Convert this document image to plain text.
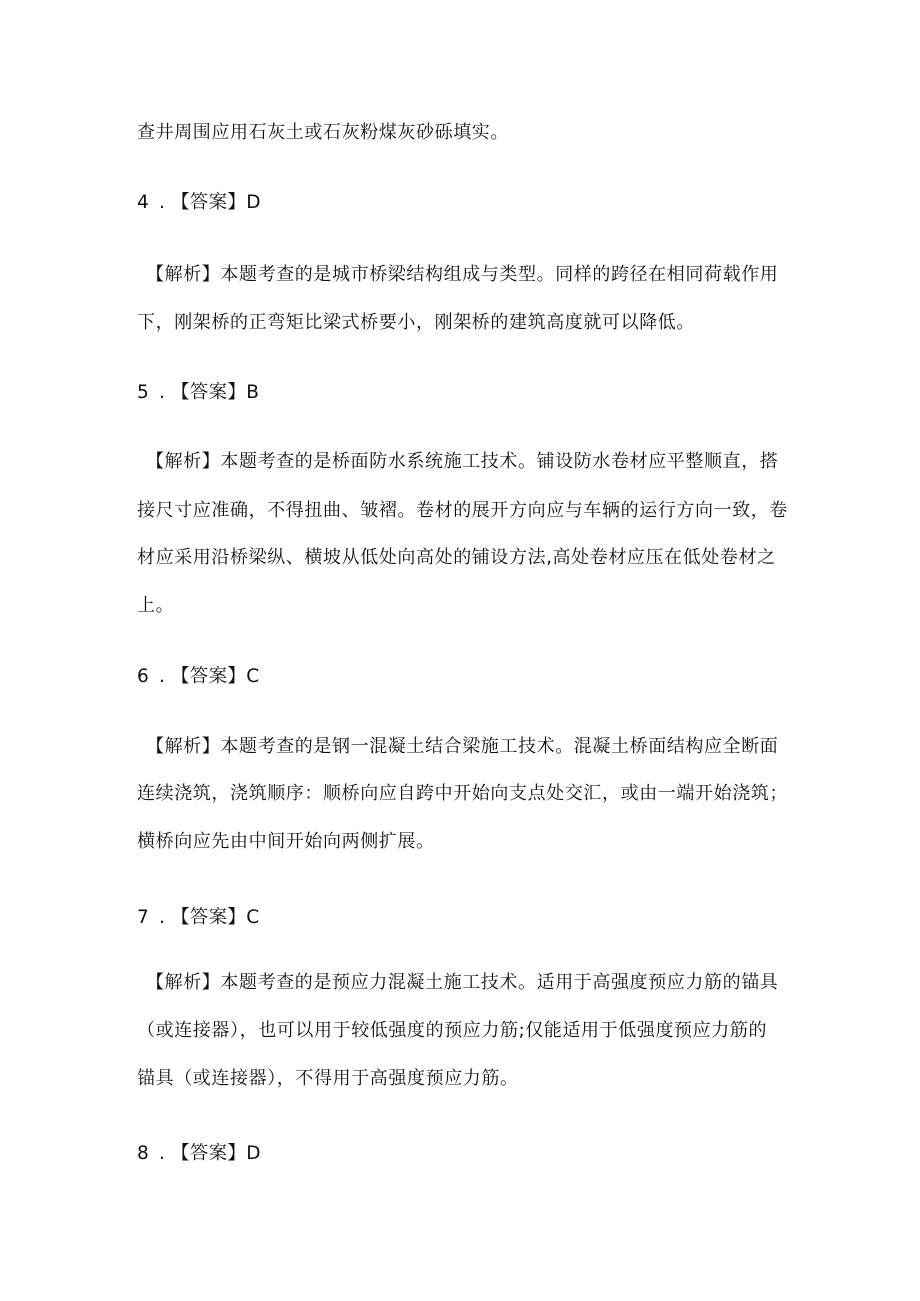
查井周围应用石灰土或石灰粉煤灰砂砾填实。
4 . 【答案】D
【解析】本题考查的是城市桥梁结构组成与类型。同样的跨径在相同荷载作用
下，刚架桥的正弯矩比梁式桥要小，刚架桥的建筑高度就可以降低。
5 . 【答案】B
【解析】本题考查的是桥面防水系统施工技术。铺设防水卷材应平整顺直，搭
接尺寸应准确，不得扭曲、皱褶。卷材的展开方向应与车辆的运行方向一致，卷
材应采用沿桥梁纵、横坡从低处向高处的铺设方法,高处卷材应压在低处卷材之
上。
6 . 【答案】C
【解析】本题考查的是钢一混凝土结合梁施工技术。混凝土桥面结构应全断面
连续浇筑，浇筑顺序：顺桥向应自跨中开始向支点处交汇，或由一端开始浇筑；
横桥向应先由中间开始向两侧扩展。
7 . 【答案】C
【解析】本题考查的是预应力混凝土施工技术。适用于高强度预应力筋的锚具
（或连接器），也可以用于较低强度的预应力筋;仅能适用于低强度预应力筋的
锚具（或连接器），不得用于高强度预应力筋。
8 . 【答案】D
